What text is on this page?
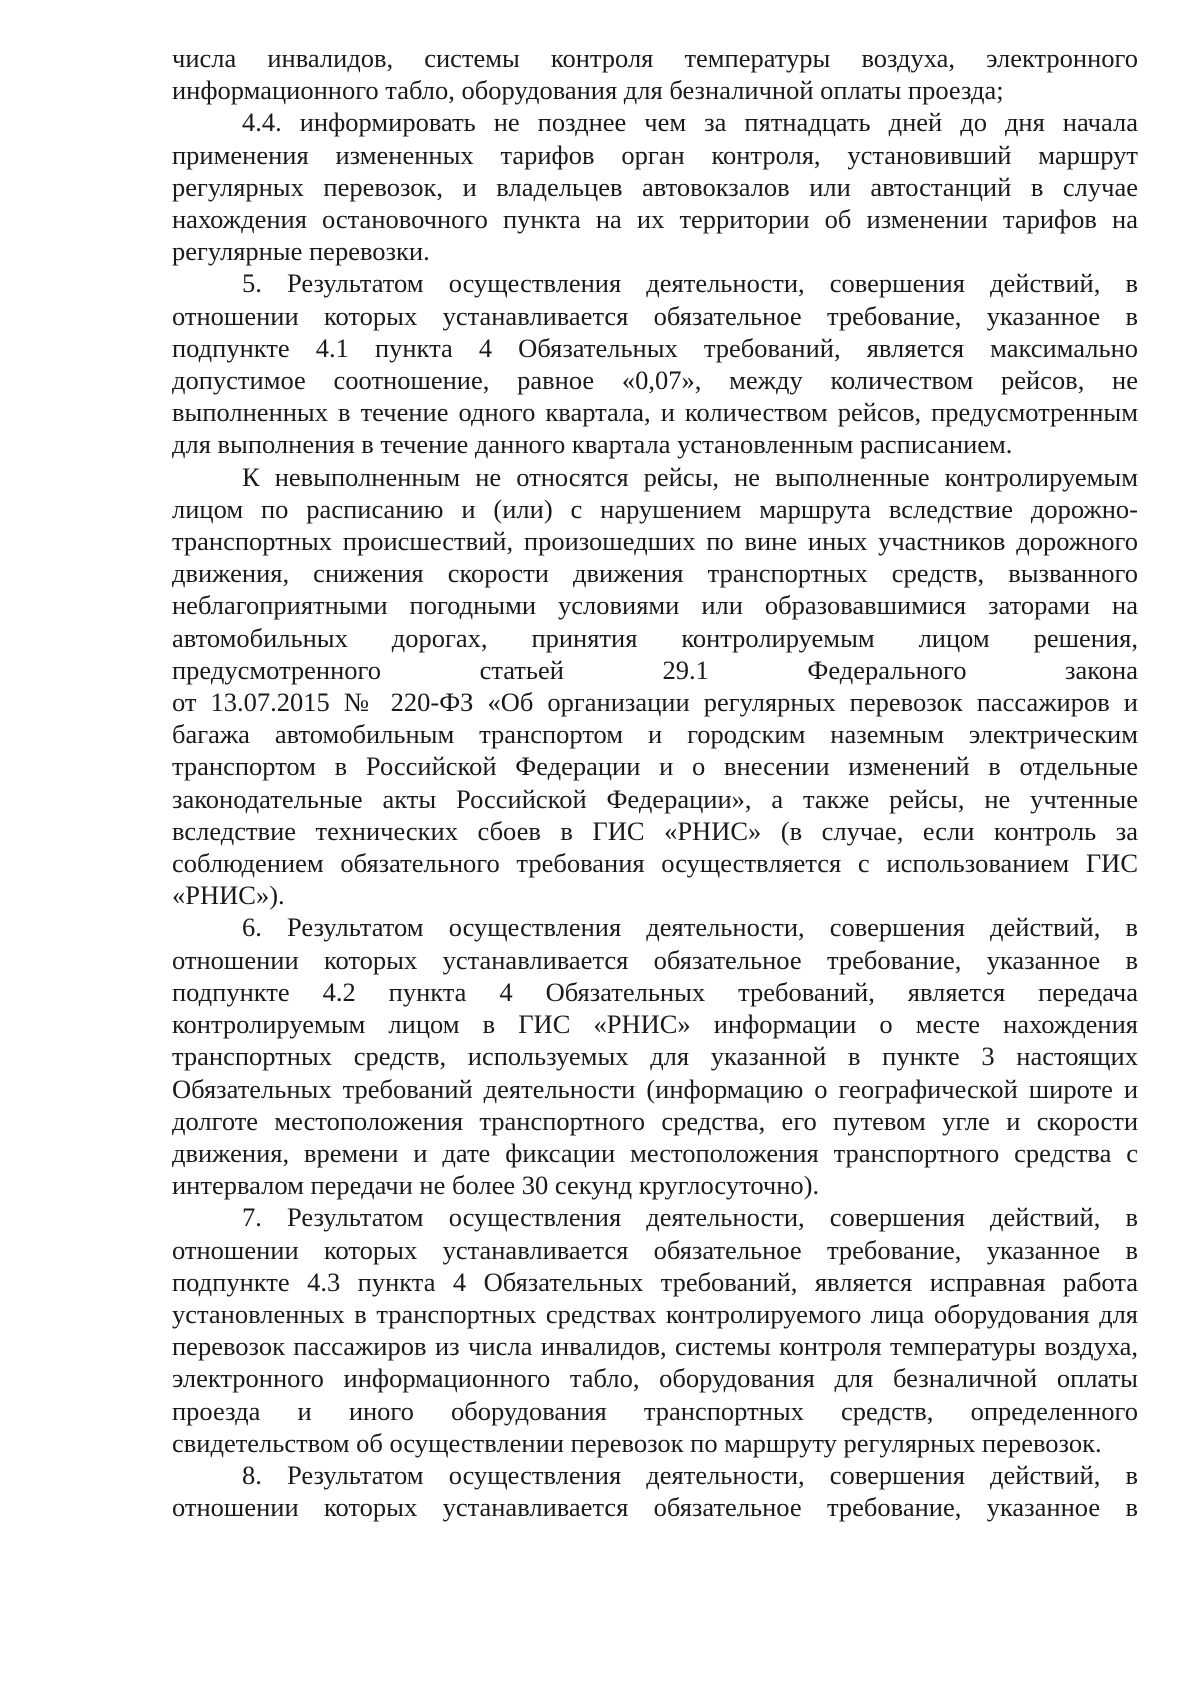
числа инвалидов, системы контроля температуры воздуха, электронного информационного табло, оборудования для безналичной оплаты проезда;

4.4. информировать не позднее чем за пятнадцать дней до дня начала применения измененных тарифов орган контроля, установивший маршрут регулярных перевозок, и владельцев автовокзалов или автостанций в случае нахождения остановочного пункта на их территории об изменении тарифов на регулярные перевозки.

5. Результатом осуществления деятельности, совершения действий, в отношении которых устанавливается обязательное требование, указанное в подпункте 4.1 пункта 4 Обязательных требований, является максимально допустимое соотношение, равное «0,07», между количеством рейсов, не выполненных в течение одного квартала, и количеством рейсов, предусмотренным для выполнения в течение данного квартала установленным расписанием.

К невыполненным не относятся рейсы, не выполненные контролируемым лицом по расписанию и (или) с нарушением маршрута вследствие дорожно-транспортных происшествий, произошедших по вине иных участников дорожного движения, снижения скорости движения транспортных средств, вызванного неблагоприятными погодными условиями или образовавшимися заторами на автомобильных дорогах, принятия контролируемым лицом решения, предусмотренного статьей 29.1 Федерального закона

от 13.07.2015 № 220-ФЗ «Об организации регулярных перевозок пассажиров и багажа автомобильным транспортом и городским наземным электрическим транспортом в Российской Федерации и о внесении изменений в отдельные законодательные акты Российской Федерации», а также рейсы, не учтенные вследствие технических сбоев в ГИС «РНИС» (в случае, если контроль за соблюдением обязательного требования осуществляется с использованием ГИС «РНИС»).

6. Результатом осуществления деятельности, совершения действий, в отношении которых устанавливается обязательное требование, указанное в подпункте 4.2 пункта 4 Обязательных требований, является передача контролируемым лицом в ГИС «РНИС» информации о месте нахождения транспортных средств, используемых для указанной в пункте 3 настоящих Обязательных требований деятельности (информацию о географической широте и долготе местоположения транспортного средства, его путевом угле и скорости движения, времени и дате фиксации местоположения транспортного средства с интервалом передачи не более 30 секунд круглосуточно).

7. Результатом осуществления деятельности, совершения действий, в отношении которых устанавливается обязательное требование, указанное в подпункте 4.3 пункта 4 Обязательных требований, является исправная работа установленных в транспортных средствах контролируемого лица оборудования для перевозок пассажиров из числа инвалидов, системы контроля температуры воздуха, электронного информационного табло, оборудования для безналичной оплаты проезда и иного оборудования транспортных средств, определенного свидетельством об осуществлении перевозок по маршруту регулярных перевозок.

8. Результатом осуществления деятельности, совершения действий, в отношении которых устанавливается обязательное требование, указанное в
